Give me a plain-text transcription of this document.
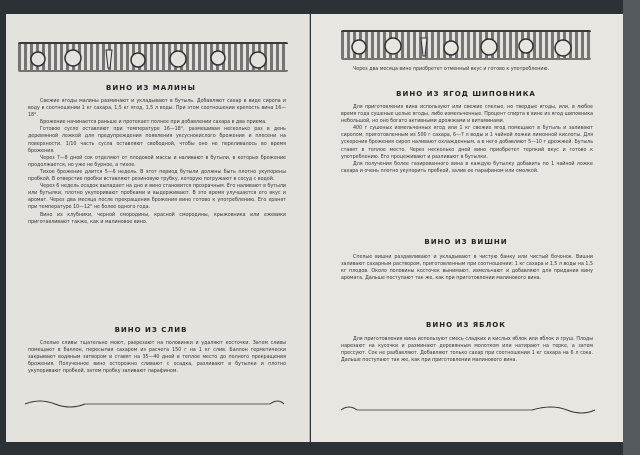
ВИНО ИЗ МАЛИНЫ

Свежие ягоды малины разминают и укладывают в бутыль. Добавляют сахар в виде сиропа и воду в соотношении 1 кг сахара, 1,5 кг ягод, 1,5 л воды. При этом соотношении крепость вина 16—18°.

Брожение начинается раньше и протекает полнее при добавлении сахара в два приема.

Готовое сусло оставляют при температуре 16—18°, размешивая несколько раз в день деревянной ложкой для предупреждения появления уксуснокислого брожения и плесени на поверхности. 1/10 часть сусла оставляют свободной, чтобы оно не переливалось во время брожения.

Через 7—8 дней сок отделяют от плодовой массы и наливают в бутыли, в которых брожение продолжается, но уже не бурное, а тихое.

Тихое брожение длится 5—6 недель. В этот период бутыли должны быть плотно укупорены пробкой. В отверстие пробки вставляют резиновую трубку, которую погружают в сосуд с водой.

Через 6 недель осадок выпадает на дно и вино становится прозрачным. Его наливают в бутыли или бутылки, плотно укупоривают пробками и выдерживают. В это время улучшается его вкус и аромат. Через два месяца после прекращения брожения вино готово к употреблению. Его хранят при температуре 10—12° не более одного года.

Вино из клубники, черной смородины, красной смородины, крыжовника или ежевики приготавливают также, как и малиновое вино.

ВИНО ИЗ СЛИВ

Спелые сливы тщательно моют, разрезают на половинки и удаляют косточки. Затем сливы помещают в баллон, пересыпая сахаром из расчета 150 г на 1 кг слив. Баллон герметически закрывают водяным затвором и ставят на 35—40 дней в теплое место до полного прекращения брожения. Полученное вино осторожно сливают с осадка, разливают в бутылки и плотно укупоривают пробкой, затем пробку заливают парафином.

Через два месяца вино приобретет отменный вкус и готово к употреблению.

ВИНО ИЗ ЯГОД ШИПОВНИКА

Для приготовления вина используют или свежие спелые, но твердые ягоды, или, в любое время года сушеные целые ягоды, либо измельченные. Процент спирта в вине из ягод шиповника небольшой, но оно богато активными дрожжами и витаминами.

400 г сушеных измельченных ягод или 1 кг свежих ягод помещают в бутыль и заливают сиропом, приготовленным из 500 г сахара, 6—7 л воды и 1 чайной ложки лимонной кислоты. Для ускорения брожения сироп наливают охлажденным, а в него добавляют 5—10 г дрожжей. Бутыль ставят в теплое место. Через несколько дней вино приобретет терпкий вкус и готово к употреблению. Его процеживают и разливают в бутылки.

Для получения более газированного вина в каждую бутылку добавить по 1 чайной ложке сахара и очень плотно укупорить пробкой, залив ее парафином или смолкой.

ВИНО ИЗ ВИШНИ

Спелые вишни раздавливают и укладывают в чистую банку или чистый бочонок. Вишни заливают сахарным раствором, приготовленным при соотношении: 1 кг сахара и 1,5 л воды на 1,5 кг плодов. Около половины косточек вынимают, измельчают и добавляют для придания вину аромата. Дальше поступают так же, как при приготовлении малинового вина.

ВИНО ИЗ ЯБЛОК

Для приготовления вина используют смесь сладких и кислых яблок или яблок и груш. Плоды нарезают на кусочки и разминают деревянным молотком или натирают на терке, а затем прессуют. Сок не разбавляют. Добавляют только сахар при соотношении 1 кг сахара на 6 л сока. Дальше поступают так же, как при приготовлении малинового вина.
